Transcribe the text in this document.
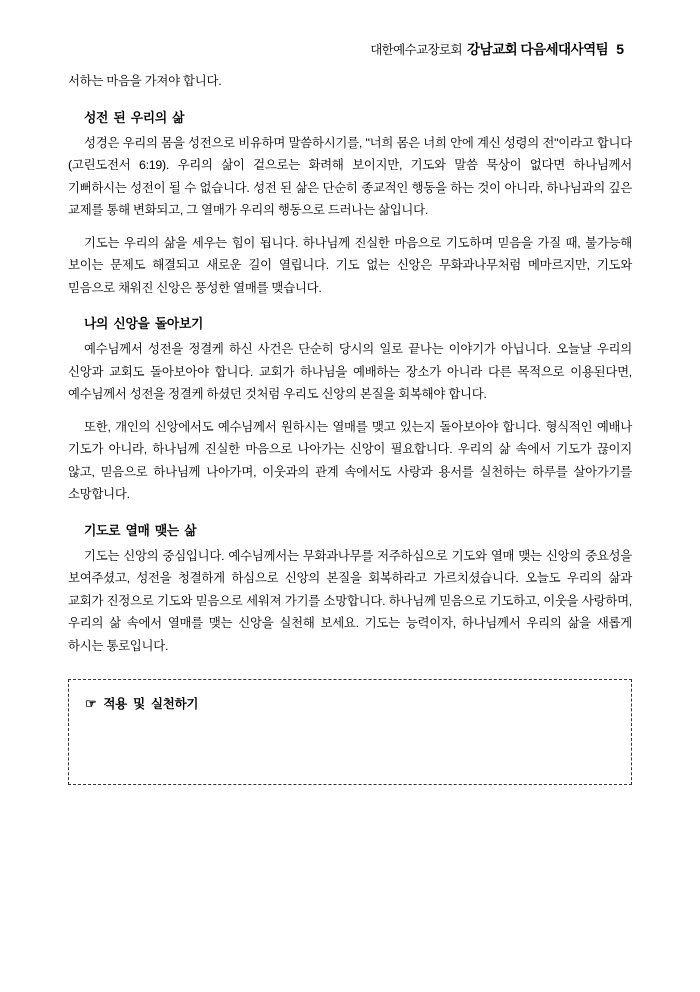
대한예수교장로회 강남교회 다음세대사역팀 5

서하는 마음을 가져야 합니다.

성전 된 우리의 삶

성경은 우리의 몸을 성전으로 비유하며 말씀하시기를, "너희 몸은 너희 안에 계신 성령의 전"이라고 합니다(고린도전서 6:19). 우리의 삶이 겉으로는 화려해 보이지만, 기도와 말씀 묵상이 없다면 하나님께서 기뻐하시는 성전이 될 수 없습니다. 성전 된 삶은 단순히 종교적인 행동을 하는 것이 아니라, 하나님과의 깊은 교제를 통해 변화되고, 그 열매가 우리의 행동으로 드러나는 삶입니다.

기도는 우리의 삶을 세우는 힘이 됩니다. 하나님께 진실한 마음으로 기도하며 믿음을 가질 때, 불가능해 보이는 문제도 해결되고 새로운 길이 열립니다. 기도 없는 신앙은 무화과나무처럼 메마르지만, 기도와 믿음으로 채워진 신앙은 풍성한 열매를 맺습니다.

나의 신앙을 돌아보기

예수님께서 성전을 정결케 하신 사건은 단순히 당시의 일로 끝나는 이야기가 아닙니다. 오늘날 우리의 신앙과 교회도 돌아보아야 합니다. 교회가 하나님을 예배하는 장소가 아니라 다른 목적으로 이용된다면, 예수님께서 성전을 정결케 하셨던 것처럼 우리도 신앙의 본질을 회복해야 합니다.

또한, 개인의 신앙에서도 예수님께서 원하시는 열매를 맺고 있는지 돌아보아야 합니다. 형식적인 예배나 기도가 아니라, 하나님께 진실한 마음으로 나아가는 신앙이 필요합니다. 우리의 삶 속에서 기도가 끊이지 않고, 믿음으로 하나님께 나아가며, 이웃과의 관계 속에서도 사랑과 용서를 실천하는 하루를 살아가기를 소망합니다.

기도로 열매 맺는 삶

기도는 신앙의 중심입니다. 예수님께서는 무화과나무를 저주하심으로 기도와 열매 맺는 신앙의 중요성을 보여주셨고, 성전을 청결하게 하심으로 신앙의 본질을 회복하라고 가르치셨습니다. 오늘도 우리의 삶과 교회가 진정으로 기도와 믿음으로 세워져 가기를 소망합니다. 하나님께 믿음으로 기도하고, 이웃을 사랑하며, 우리의 삶 속에서 열매를 맺는 신앙을 실천해 보세요. 기도는 능력이자, 하나님께서 우리의 삶을 새롭게 하시는 통로입니다.

☞ 적용 및 실천하기
